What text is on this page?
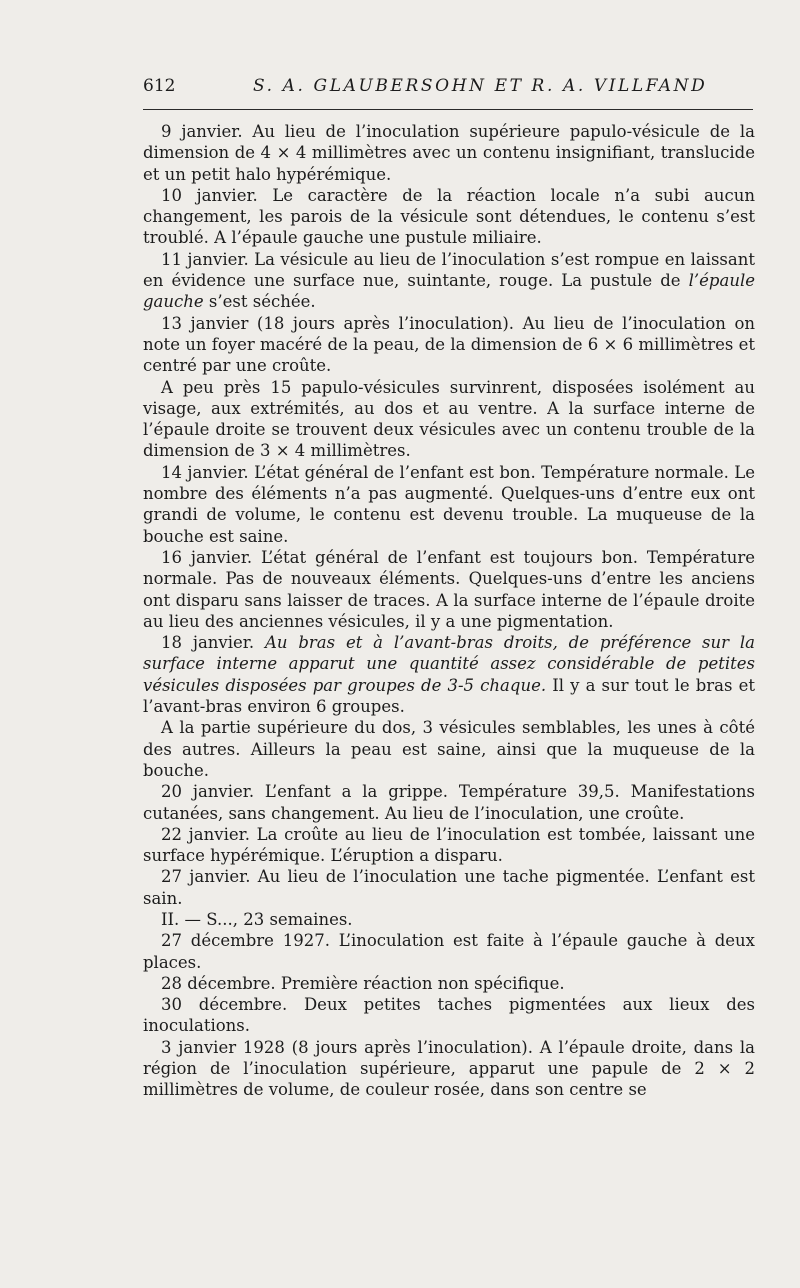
612	S. A. GLAUBERSOHN ET R. A. VILLFAND

9 janvier. Au lieu de l’inoculation supérieure papulo-vésicule de la dimension de 4 × 4 millimètres avec un contenu insignifiant, translucide et un petit halo hypérémique.

10 janvier. Le caractère de la réaction locale n’a subi aucun changement, les parois de la vésicule sont détendues, le contenu s’est troublé. A l’épaule gauche une pustule miliaire.

11 janvier. La vésicule au lieu de l’inoculation s’est rompue en laissant en évidence une surface nue, suintante, rouge. La pustule de l’épaule gauche s’est séchée.

13 janvier (18 jours après l’inoculation). Au lieu de l’inoculation on note un foyer macéré de la peau, de la dimension de 6 × 6 millimètres et centré par une croûte.

A peu près 15 papulo-vésicules survinrent, disposées isolément au visage, aux extrémités, au dos et au ventre. A la surface interne de l’épaule droite se trouvent deux vésicules avec un contenu trouble de la dimension de 3 × 4 millimètres.

14 janvier. L’état général de l’enfant est bon. Température normale. Le nombre des éléments n’a pas augmenté. Quelques-uns d’entre eux ont grandi de volume, le contenu est devenu trouble. La muqueuse de la bouche est saine.

16 janvier. L’état général de l’enfant est toujours bon. Température normale. Pas de nouveaux éléments. Quelques-uns d’entre les anciens ont disparu sans laisser de traces. A la surface interne de l’épaule droite au lieu des anciennes vésicules, il y a une pigmentation.

18 janvier. Au bras et à l’avant-bras droits, de préférence sur la surface interne apparut une quantité assez considérable de petites vésicules disposées par groupes de 3-5 chaque. Il y a sur tout le bras et l’avant-bras environ 6 groupes.

A la partie supérieure du dos, 3 vésicules semblables, les unes à côté des autres. Ailleurs la peau est saine, ainsi que la muqueuse de la bouche.

20 janvier. L’enfant a la grippe. Température 39,5. Manifestations cutanées, sans changement. Au lieu de l’inoculation, une croûte.

22 janvier. La croûte au lieu de l’inoculation est tombée, laissant une surface hypérémique. L’éruption a disparu.

27 janvier. Au lieu de l’inoculation une tache pigmentée. L’enfant est sain.

II. — S..., 23 semaines.

27 décembre 1927. L’inoculation est faite à l’épaule gauche à deux places.

28 décembre. Première réaction non spécifique.

30 décembre. Deux petites taches pigmentées aux lieux des inoculations.

3 janvier 1928 (8 jours après l’inoculation). A l’épaule droite, dans la région de l’inoculation supérieure, apparut une papule de 2 × 2 millimètres de volume, de couleur rosée, dans son centre se
